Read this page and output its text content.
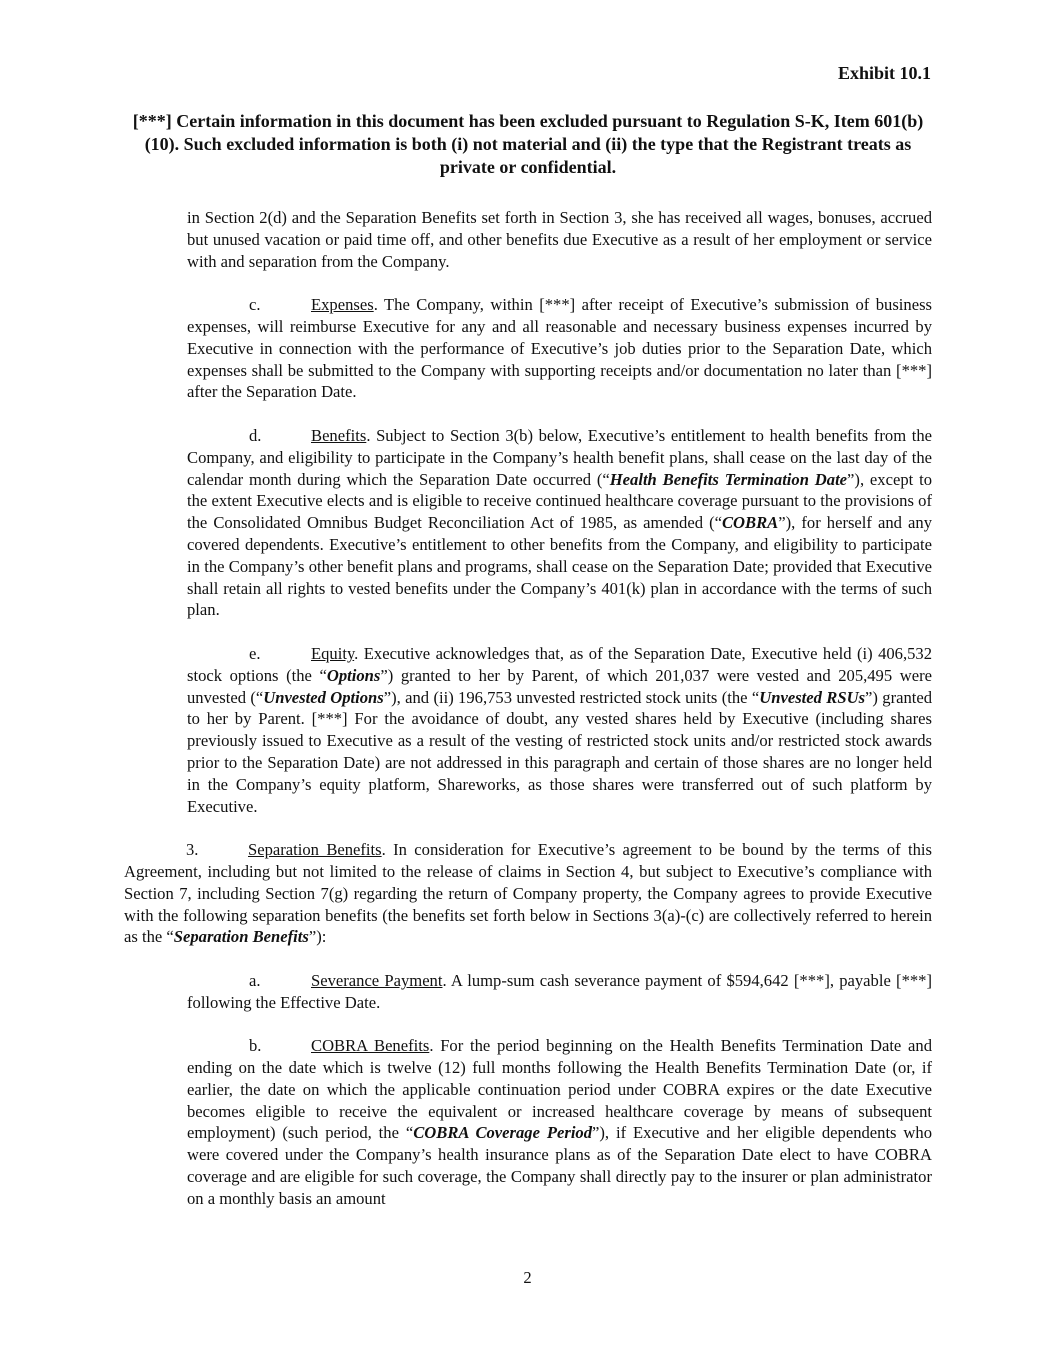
Exhibit 10.1
[***] Certain information in this document has been excluded pursuant to Regulation S-K, Item 601(b)(10). Such excluded information is both (i) not material and (ii) the type that the Registrant treats as private or confidential.

in Section 2(d) and the Separation Benefits set forth in Section 3, she has received all wages, bonuses, accrued but unused vacation or paid time off, and other benefits due Executive as a result of her employment or service with and separation from the Company.

c.	Expenses. The Company, within [***] after receipt of Executive’s submission of business expenses, will reimburse Executive for any and all reasonable and necessary business expenses incurred by Executive in connection with the performance of Executive’s job duties prior to the Separation Date, which expenses shall be submitted to the Company with supporting receipts and/or documentation no later than [***] after the Separation Date.

d.	Benefits. Subject to Section 3(b) below, Executive’s entitlement to health benefits from the Company, and eligibility to participate in the Company’s health benefit plans, shall cease on the last day of the calendar month during which the Separation Date occurred (“Health Benefits Termination Date”), except to the extent Executive elects and is eligible to receive continued healthcare coverage pursuant to the provisions of the Consolidated Omnibus Budget Reconciliation Act of 1985, as amended (“COBRA”), for herself and any covered dependents. Executive’s entitlement to other benefits from the Company, and eligibility to participate in the Company’s other benefit plans and programs, shall cease on the Separation Date; provided that Executive shall retain all rights to vested benefits under the Company’s 401(k) plan in accordance with the terms of such plan.

e.	Equity. Executive acknowledges that, as of the Separation Date, Executive held (i) 406,532 stock options (the “Options”) granted to her by Parent, of which 201,037 were vested and 205,495 were unvested (“Unvested Options”), and (ii) 196,753 unvested restricted stock units (the “Unvested RSUs”) granted to her by Parent. [***] For the avoidance of doubt, any vested shares held by Executive (including shares previously issued to Executive as a result of the vesting of restricted stock units and/or restricted stock awards prior to the Separation Date) are not addressed in this paragraph and certain of those shares are no longer held in the Company’s equity platform, Shareworks, as those shares were transferred out of such platform by Executive.

3.	Separation Benefits. In consideration for Executive’s agreement to be bound by the terms of this Agreement, including but not limited to the release of claims in Section 4, but subject to Executive’s compliance with Section 7, including Section 7(g) regarding the return of Company property, the Company agrees to provide Executive with the following separation benefits (the benefits set forth below in Sections 3(a)-(c) are collectively referred to herein as the “Separation Benefits”):

a.	Severance Payment. A lump-sum cash severance payment of $594,642 [***], payable [***] following the Effective Date.

b.	COBRA Benefits. For the period beginning on the Health Benefits Termination Date and ending on the date which is twelve (12) full months following the Health Benefits Termination Date (or, if earlier, the date on which the applicable continuation period under COBRA expires or the date Executive becomes eligible to receive the equivalent or increased healthcare coverage by means of subsequent employment) (such period, the “COBRA Coverage Period”), if Executive and her eligible dependents who were covered under the Company’s health insurance plans as of the Separation Date elect to have COBRA coverage and are eligible for such coverage, the Company shall directly pay to the insurer or plan administrator on a monthly basis an amount

2
